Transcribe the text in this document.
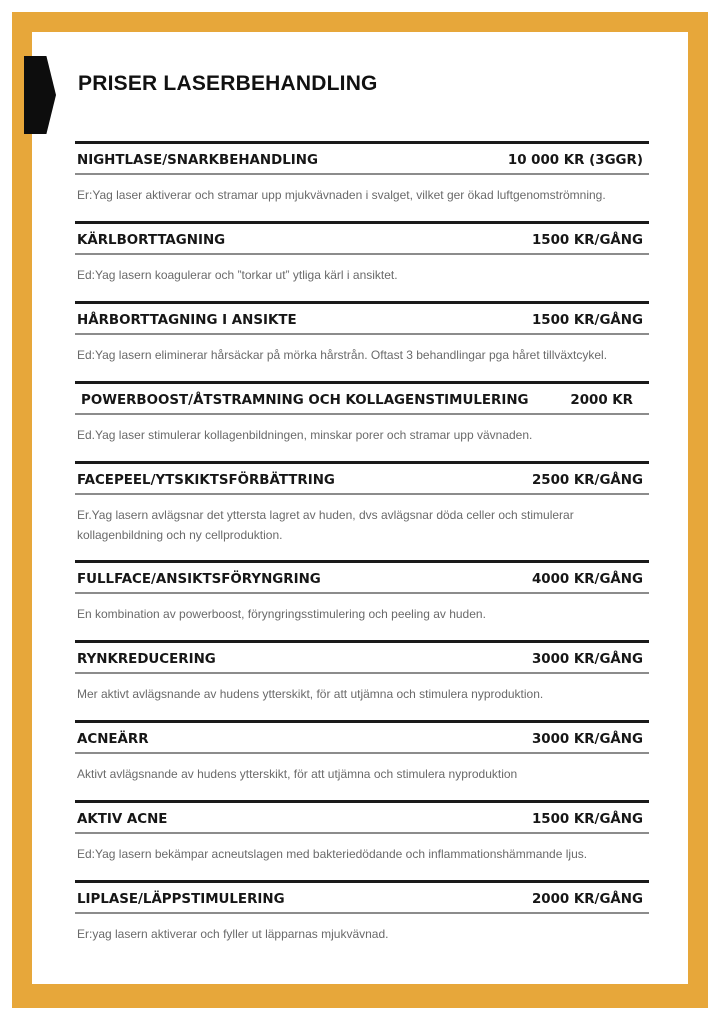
PRISER LASERBEHANDLING
NIGHTLASE/SNARKBEHANDLING	10 000 KR (3GGR)
Er:Yag laser aktiverar och stramar upp mjukvävnaden i svalget, vilket ger ökad luftgenomströmning.
KÄRLBORTTAGNING	1500 KR/GÅNG
Ed:Yag lasern koagulerar och ”torkar ut” ytliga kärl i ansiktet.
HÅRBORTTAGNING I ANSIKTE	1500 KR/GÅNG
Ed:Yag lasern eliminerar hårsäckar på mörka hårstrån. Oftast 3 behandlingar pga håret tillväxtcykel.
POWERBOOST/ÅTSTRAMNING OCH KOLLAGENSTIMULERING	2000 KR
Ed.Yag laser stimulerar kollagenbildningen, minskar porer och stramar upp vävnaden.
FACEPEEL/YTSKIKTSFÖRBÄTTRING	2500 KR/GÅNG
Er.Yag lasern avlägsnar det yttersta lagret av huden, dvs avlägsnar döda celler och stimulerar kollagenbildning och ny cellproduktion.
FULLFACE/ANSIKTSFÖRYNGRING	4000 KR/GÅNG
En kombination av powerboost, föryngringsstimulering och peeling av huden.
RYNKREDUCERING	3000 KR/GÅNG
Mer aktivt avlägsnande av hudens ytterskikt, för att utjämna och stimulera nyproduktion.
ACNEÄRR	3000 KR/GÅNG
Aktivt avlägsnande av hudens ytterskikt, för att utjämna och stimulera nyproduktion
AKTIV ACNE	1500 KR/GÅNG
Ed:Yag lasern bekämpar acneutslagen med bakteriedödande och inflammationshämmande ljus.
LIPLASE/LÄPPSTIMULERING	2000 KR/GÅNG
Er:yag lasern aktiverar och fyller ut läpparnas mjukvävnad.
